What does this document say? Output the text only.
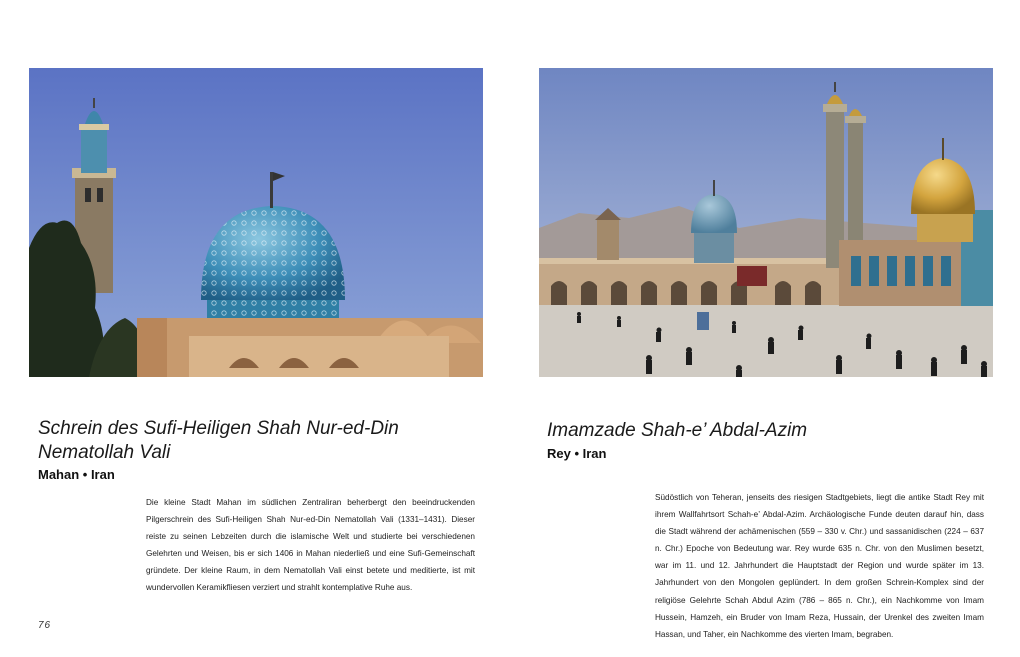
Schrein des Sufi-Heiligen Shah Nur-ed-Din Nematollah Vali
Mahan • Iran
Die kleine Stadt Mahan im südlichen Zentraliran beherbergt den beeindruckenden Pilgerschrein des Sufi-Heiligen Shah Nur-ed-Din Nematollah Vali (1331–1431). Dieser reiste zu seinen Lebzeiten durch die islamische Welt und studierte bei verschiedenen Gelehrten und Weisen, bis er sich 1406 in Mahan niederließ und eine Sufi-Gemeinschaft gründete. Der kleine Raum, in dem Nematollah Vali einst betete und meditierte, ist mit wundervollen Keramikfliesen verziert und strahlt kontemplative Ruhe aus.
Imamzade Shah-e’ Abdal-Azim
Rey • Iran
Südöstlich von Teheran, jenseits des riesigen Stadtgebiets, liegt die antike Stadt Rey mit ihrem Wallfahrtsort Schah-e’ Abdal-Azim. Archäologische Funde deuten darauf hin, dass die Stadt während der achämenischen (559 – 330 v. Chr.) und sassanidischen (224 – 637 n. Chr.) Epoche von Bedeutung war. Rey wurde 635 n. Chr. von den Muslimen besetzt, war im 11. und 12. Jahrhundert die Hauptstadt der Region und wurde später im 13. Jahrhundert von den Mongolen geplündert. In dem großen Schrein-Komplex sind der religiöse Gelehrte Schah Abdul Azim (786 – 865 n. Chr.), ein Nachkomme von Imam Hussein, Hamzeh, ein Bruder von Imam Reza, Hussain, der Urenkel des zweiten Imam Hassan, und Taher, ein Nachkomme des vierten Imam, begraben.
76
